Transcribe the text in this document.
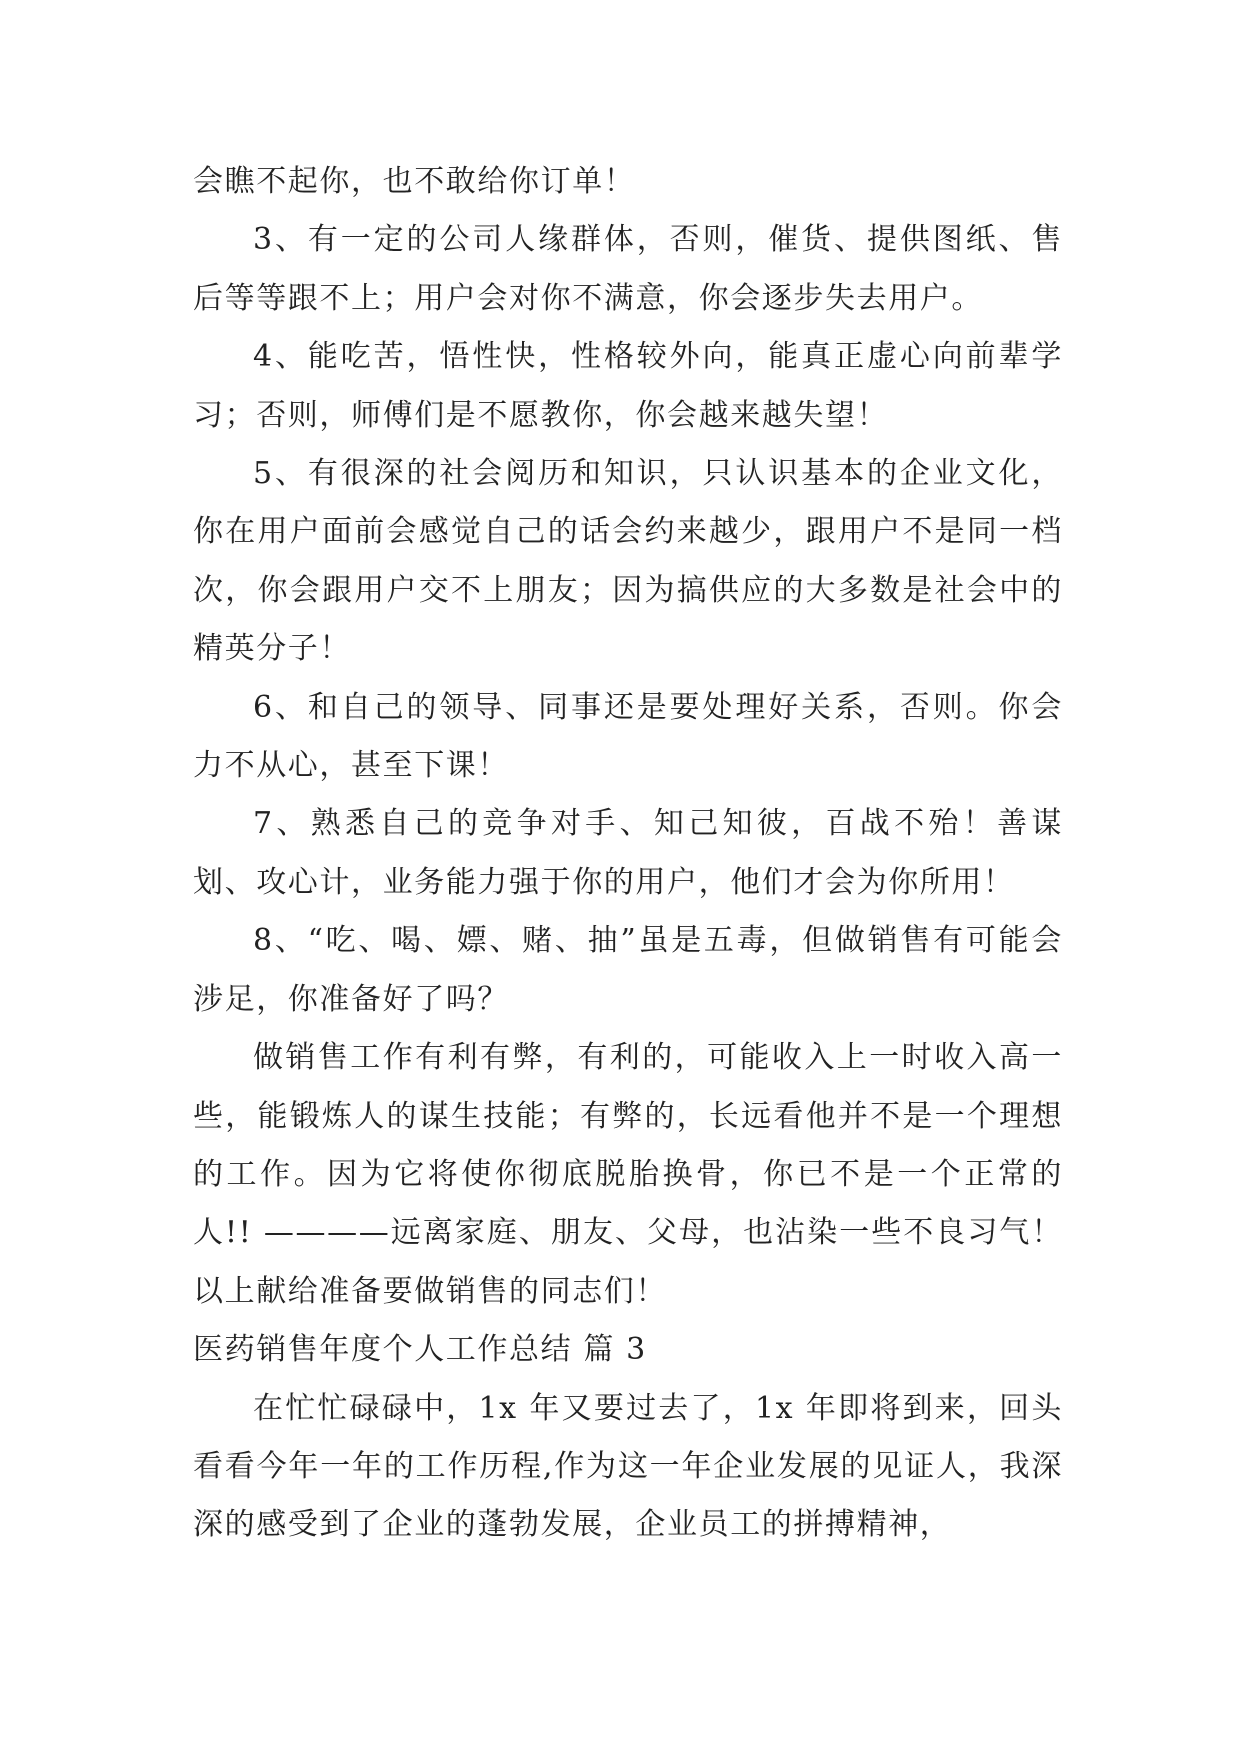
会瞧不起你，也不敢给你订单！

3、有一定的公司人缘群体，否则，催货、提供图纸、售后等等跟不上；用户会对你不满意，你会逐步失去用户。

4、能吃苦，悟性快，性格较外向，能真正虚心向前辈学习；否则，师傅们是不愿教你，你会越来越失望！

5、有很深的社会阅历和知识，只认识基本的企业文化，你在用户面前会感觉自己的话会约来越少，跟用户不是同一档次，你会跟用户交不上朋友；因为搞供应的大多数是社会中的精英分子！

6、和自己的领导、同事还是要处理好关系，否则。你会力不从心，甚至下课！

7、熟悉自己的竞争对手、知己知彼，百战不殆！善谋划、攻心计，业务能力强于你的用户，他们才会为你所用！

8、“吃、喝、嫖、赌、抽”虽是五毒，但做销售有可能会涉足，你准备好了吗？

做销售工作有利有弊，有利的，可能收入上一时收入高一些，能锻炼人的谋生技能；有弊的，长远看他并不是一个理想的工作。因为它将使你彻底脱胎换骨，你已不是一个正常的人!! ————远离家庭、朋友、父母，也沾染一些不良习气！以上献给准备要做销售的同志们！

医药销售年度个人工作总结 篇 3

在忙忙碌碌中，1x 年又要过去了，1x 年即将到来，回头看看今年一年的工作历程,作为这一年企业发展的见证人，我深深的感受到了企业的蓬勃发展，企业员工的拼搏精神，
